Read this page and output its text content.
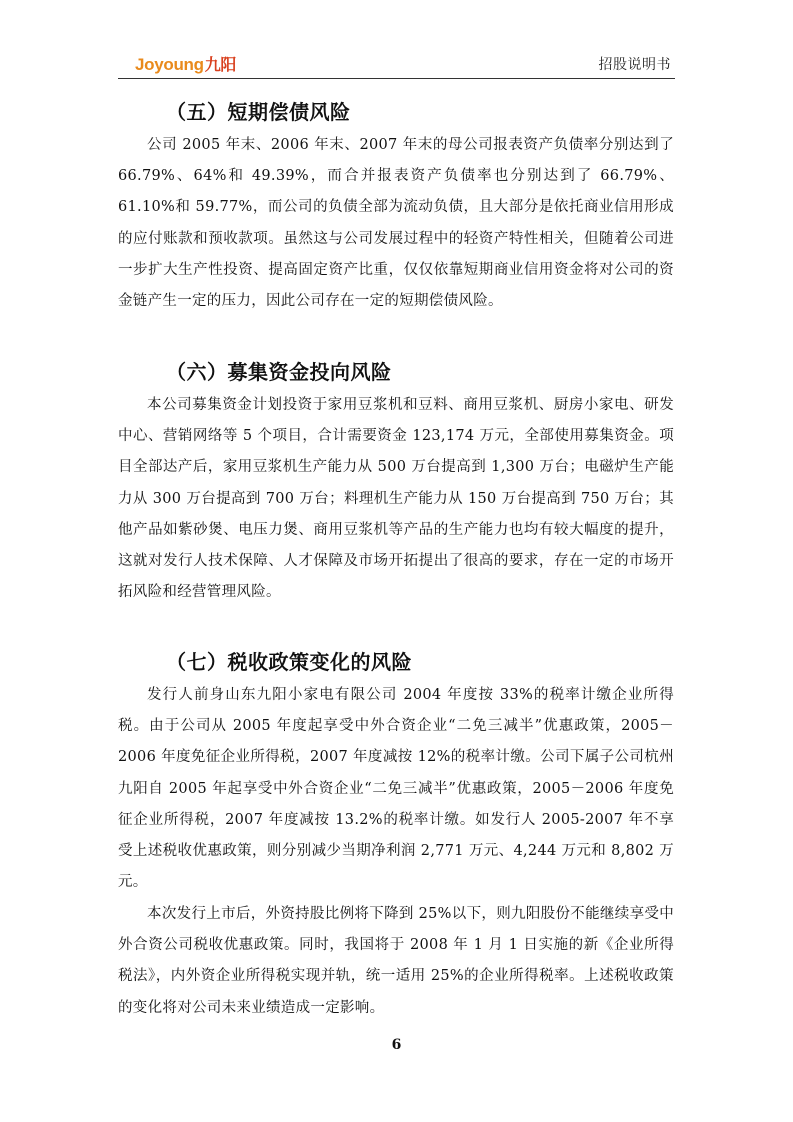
Joyoung九阳	招股说明书
（五）短期偿债风险

公司 2005 年末、2006 年末、2007 年末的母公司报表资产负债率分别达到了 66.79%、64%和 49.39%，而合并报表资产负债率也分别达到了 66.79%、61.10%和 59.77%，而公司的负债全部为流动负债，且大部分是依托商业信用形成的应付账款和预收款项。虽然这与公司发展过程中的轻资产特性相关，但随着公司进一步扩大生产性投资、提高固定资产比重，仅仅依靠短期商业信用资金将对公司的资金链产生一定的压力，因此公司存在一定的短期偿债风险。

（六）募集资金投向风险

本公司募集资金计划投资于家用豆浆机和豆料、商用豆浆机、厨房小家电、研发中心、营销网络等 5 个项目，合计需要资金 123,174 万元，全部使用募集资金。项目全部达产后，家用豆浆机生产能力从 500 万台提高到 1,300 万台；电磁炉生产能力从 300 万台提高到 700 万台；料理机生产能力从 150 万台提高到 750 万台；其他产品如紫砂煲、电压力煲、商用豆浆机等产品的生产能力也均有较大幅度的提升，这就对发行人技术保障、人才保障及市场开拓提出了很高的要求，存在一定的市场开拓风险和经营管理风险。

（七）税收政策变化的风险

发行人前身山东九阳小家电有限公司 2004 年度按 33%的税率计缴企业所得税。由于公司从 2005 年度起享受中外合资企业“二免三减半”优惠政策，2005－2006 年度免征企业所得税，2007 年度减按 12%的税率计缴。公司下属子公司杭州九阳自 2005 年起享受中外合资企业“二免三减半”优惠政策，2005－2006 年度免征企业所得税，2007 年度减按 13.2%的税率计缴。如发行人 2005-2007 年不享受上述税收优惠政策，则分别减少当期净利润 2,771 万元、4,244 万元和 8,802 万元。

本次发行上市后，外资持股比例将下降到 25%以下，则九阳股份不能继续享受中外合资公司税收优惠政策。同时，我国将于 2008 年 1 月 1 日实施的新《企业所得税法》，内外资企业所得税实现并轨，统一适用 25%的企业所得税率。上述税收政策的变化将对公司未来业绩造成一定影响。

6
